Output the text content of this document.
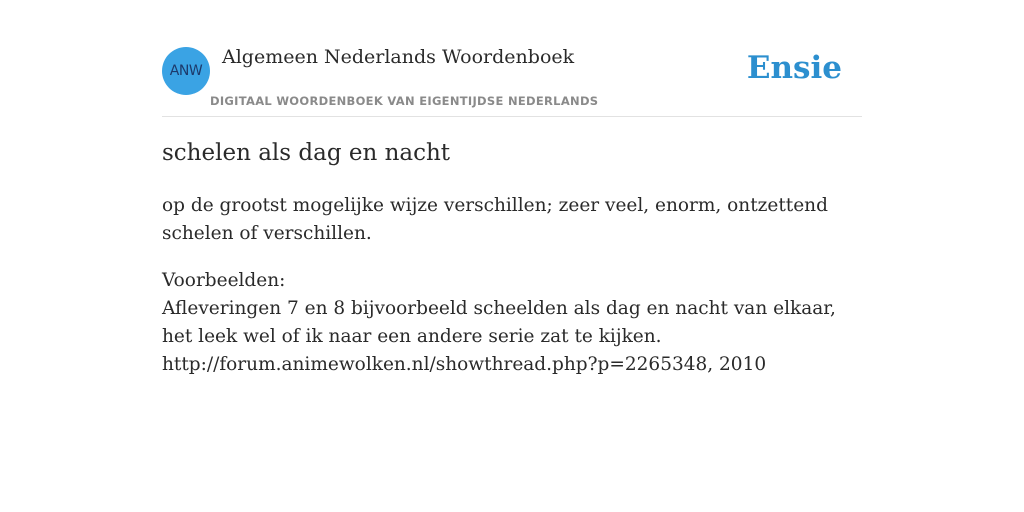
ANW
Algemeen Nederlands Woordenboek
DIGITAAL WOORDENBOEK VAN EIGENTIJDSE NEDERLANDS
Ensie
schelen als dag en nacht
op de grootst mogelijke wijze verschillen; zeer veel, enorm, ontzettend schelen of verschillen.
Voorbeelden:
Afleveringen 7 en 8 bijvoorbeeld scheelden als dag en nacht van elkaar, het leek wel of ik naar een andere serie zat te kijken.
http://forum.animewolken.nl/showthread.php?p=2265348, 2010
